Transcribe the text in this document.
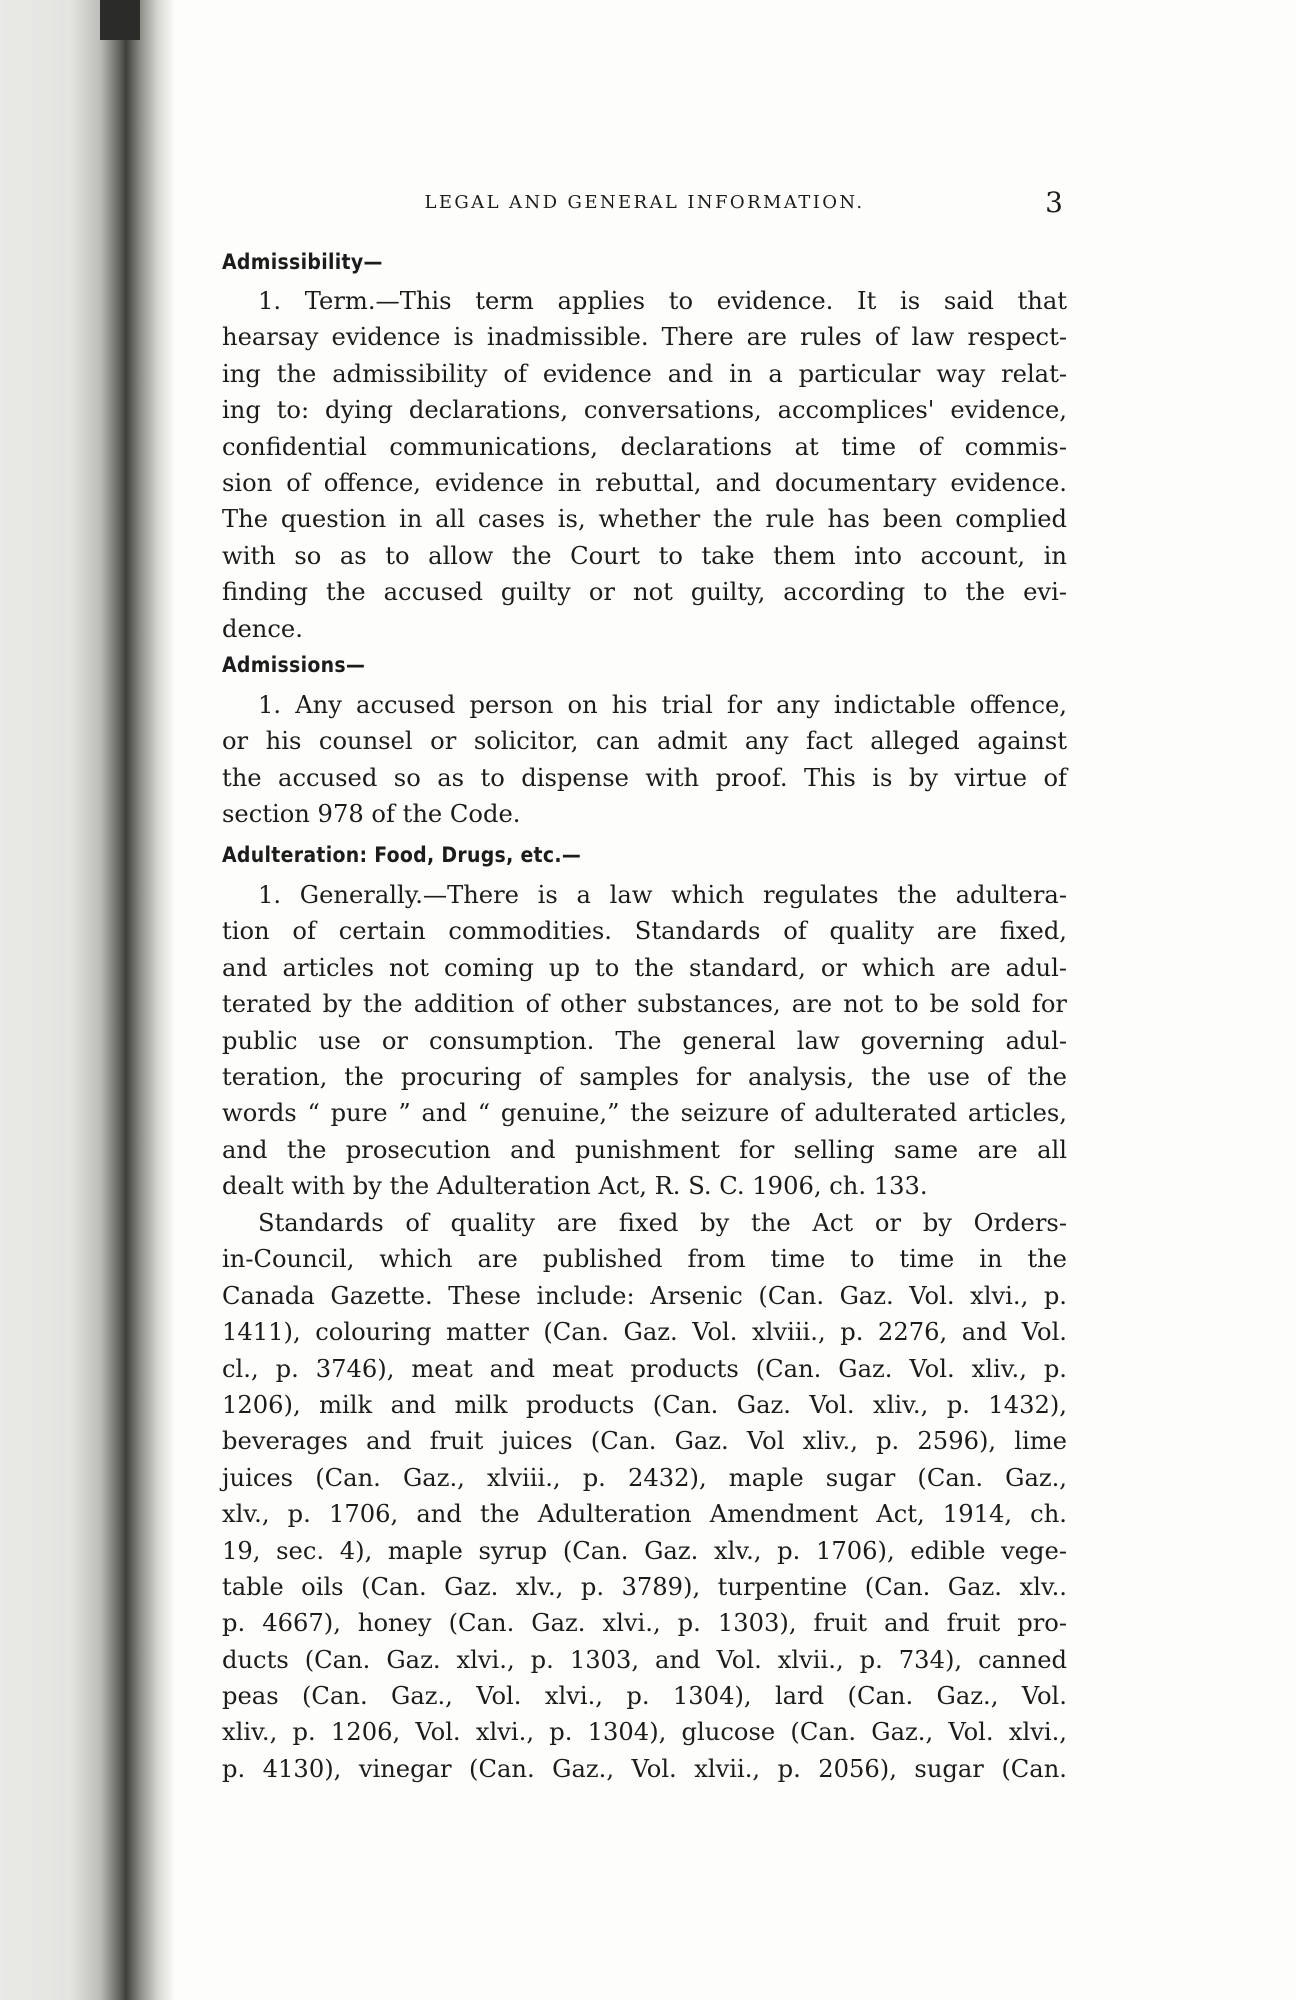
LEGAL AND GENERAL INFORMATION.	3
Admissibility—
1. Term.—This term applies to evidence. It is said that
hearsay evidence is inadmissible. There are rules of law respect-
ing the admissibility of evidence and in a particular way relat-
ing to: dying declarations, conversations, accomplices' evidence,
confidential communications, declarations at time of commis-
sion of offence, evidence in rebuttal, and documentary evidence.
The question in all cases is, whether the rule has been complied
with so as to allow the Court to take them into account, in
finding the accused guilty or not guilty, according to the evi-
dence.
Admissions—
1. Any accused person on his trial for any indictable offence,
or his counsel or solicitor, can admit any fact alleged against
the accused so as to dispense with proof. This is by virtue of
section 978 of the Code.
Adulteration: Food, Drugs, etc.—
1. Generally.—There is a law which regulates the adultera-
tion of certain commodities. Standards of quality are fixed,
and articles not coming up to the standard, or which are adul-
terated by the addition of other substances, are not to be sold for
public use or consumption. The general law governing adul-
teration, the procuring of samples for analysis, the use of the
words “ pure ” and “ genuine,” the seizure of adulterated articles,
and the prosecution and punishment for selling same are all
dealt with by the Adulteration Act, R. S. C. 1906, ch. 133.
Standards of quality are fixed by the Act or by Orders-
in-Council, which are published from time to time in the
Canada Gazette. These include: Arsenic (Can. Gaz. Vol. xlvi., p.
1411), colouring matter (Can. Gaz. Vol. xlviii., p. 2276, and Vol.
cl., p. 3746), meat and meat products (Can. Gaz. Vol. xliv., p.
1206), milk and milk products (Can. Gaz. Vol. xliv., p. 1432),
beverages and fruit juices (Can. Gaz. Vol xliv., p. 2596), lime
juices (Can. Gaz., xlviii., p. 2432), maple sugar (Can. Gaz.,
xlv., p. 1706, and the Adulteration Amendment Act, 1914, ch.
19, sec. 4), maple syrup (Can. Gaz. xlv., p. 1706), edible vege-
table oils (Can. Gaz. xlv., p. 3789), turpentine (Can. Gaz. xlv..
p. 4667), honey (Can. Gaz. xlvi., p. 1303), fruit and fruit pro-
ducts (Can. Gaz. xlvi., p. 1303, and Vol. xlvii., p. 734), canned
peas (Can. Gaz., Vol. xlvi., p. 1304), lard (Can. Gaz., Vol.
xliv., p. 1206, Vol. xlvi., p. 1304), glucose (Can. Gaz., Vol. xlvi.,
p. 4130), vinegar (Can. Gaz., Vol. xlvii., p. 2056), sugar (Can.
